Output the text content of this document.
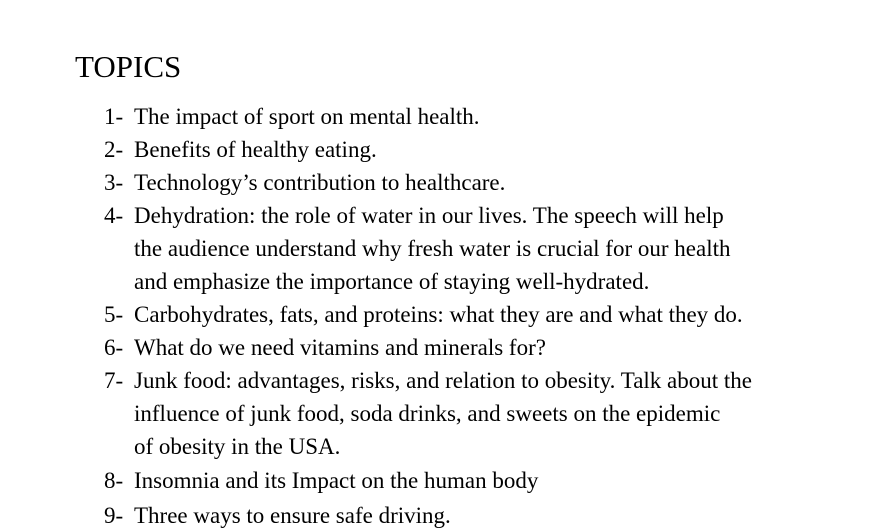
TOPICS
1- The impact of sport on mental health.
2- Benefits of healthy eating.
3- Technology’s contribution to healthcare.
4- Dehydration: the role of water in our lives. The speech will help
the audience understand why fresh water is crucial for our health
and emphasize the importance of staying well-hydrated.
5- Carbohydrates, fats, and proteins: what they are and what they do.
6- What do we need vitamins and minerals for?
7- Junk food: advantages, risks, and relation to obesity. Talk about the
influence of junk food, soda drinks, and sweets on the epidemic
of obesity in the USA.
8- Insomnia and its Impact on the human body
9- Three ways to ensure safe driving.
